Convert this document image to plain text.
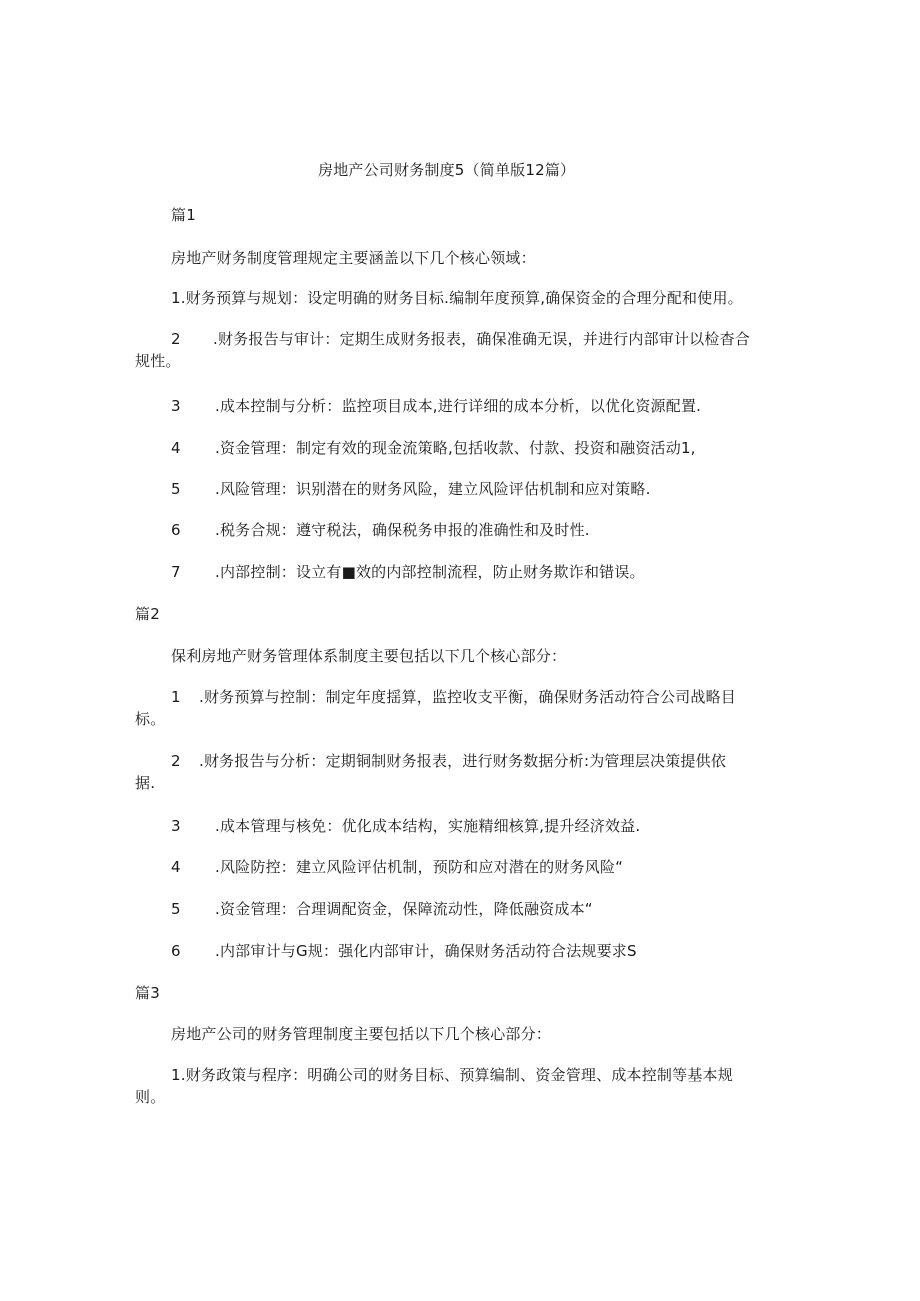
房地产公司财务制度5（简单版12篇）
篇1
房地产财务制度管理规定主要涵盖以下几个核心领域：
1.财务预算与规划：设定明确的财务目标.编制年度预算,确保资金的合理分配和使用。
2 .财务报告与审计：定期生成财务报表，确保准确无误，并进行内部审计以检杳合
规性。
3 .成本控制与分析：监控项目成本,进行详细的成本分析，以优化资源配置.
4 .资金管理：制定有效的现金流策略,包括收款、付款、投资和融资活动1,
5 .风险管理：识别潜在的财务风险，建立风险评估机制和应对策略.
6 .税务合规：遵守税法，确保税务申报的准确性和及时性.
7 .内部控制：设立有■效的内部控制流程，防止财务欺诈和错误。
篇2
保利房地产财务管理体系制度主要包括以下几个核心部分：
1 .财务预算与控制：制定年度揺算，监控收支平衡，确保财务活动符合公司战略目
标。
2 .财务报告与分析：定期铜制财务报表，进行财务数据分析:为管理层决策提供依
据.
3 .成本管理与核免：优化成本结构，实施精细核算,提升经济效益.
4 .风险防控：建立风险评估机制，预防和应对潜在的财务风险“
5 .资金管理：合理调配资金，保障流动性，降低融资成本“
6 .内部审计与G规：强化内部审计，确保财务活动符合法规要求S
篇3
房地产公司的财务管理制度主要包括以下几个核心部分：
1.财务政策与程序：明确公司的财务目标、预算编制、资金管理、成本控制等基本规
则。
